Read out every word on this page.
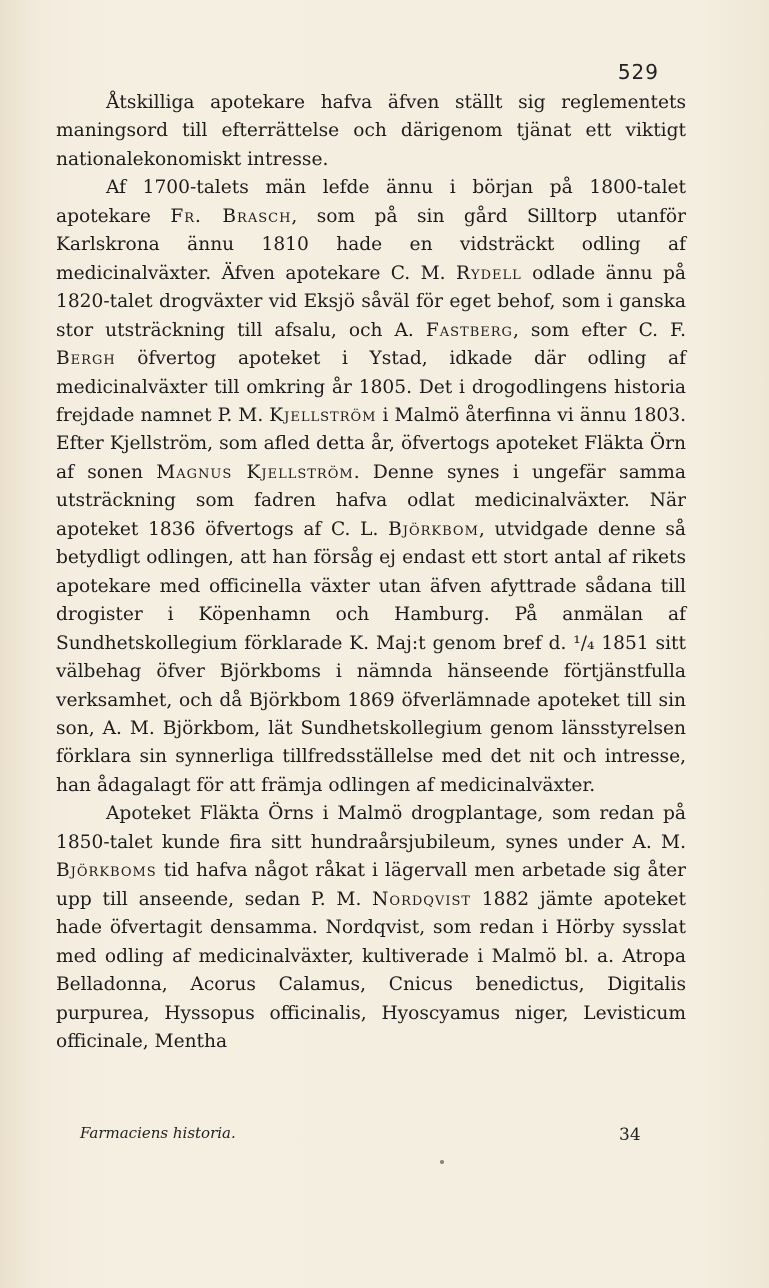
529

Åtskilliga apotekare hafva äfven ställt sig reglementets maningsord till efterrättelse och därigenom tjänat ett viktigt nationalekonomiskt intresse.

Af 1700-talets män lefde ännu i början på 1800-talet apotekare Fr. Brasch, som på sin gård Silltorp utanför Karlskrona ännu 1810 hade en vidsträckt odling af medicinalväxter. Äfven apotekare C. M. Rydell odlade ännu på 1820-talet drogväxter vid Eksjö såväl för eget behof, som i ganska stor utsträckning till afsalu, och A. Fastberg, som efter C. F. Bergh öfvertog apoteket i Ystad, idkade där odling af medicinalväxter till omkring år 1805. Det i drogodlingens historia frejdade namnet P. M. Kjellström i Malmö återfinna vi ännu 1803. Efter Kjellström, som afled detta år, öfvertogs apoteket Fläkta Örn af sonen Magnus Kjellström. Denne synes i ungefär samma utsträckning som fadren hafva odlat medicinalväxter. När apoteket 1836 öfvertogs af C. L. Björkbom, utvidgade denne så betydligt odlingen, att han försåg ej endast ett stort antal af rikets apotekare med officinella växter utan äfven afyttrade sådana till drogister i Köpenhamn och Hamburg. På anmälan af Sundhetskollegium förklarade K. Maj:t genom bref d. ¹/₄ 1851 sitt välbehag öfver Björkboms i nämnda hänseende förtjänstfulla verksamhet, och då Björkbom 1869 öfverlämnade apoteket till sin son, A. M. Björkbom, lät Sundhetskollegium genom länsstyrelsen förklara sin synnerliga tillfredsställelse med det nit och intresse, han ådagalagt för att främja odlingen af medicinalväxter.

Apoteket Fläkta Örns i Malmö drogplantage, som redan på 1850-talet kunde fira sitt hundraårsjubileum, synes under A. M. Björkboms tid hafva något råkat i lägervall men arbetade sig åter upp till anseende, sedan P. M. Nordqvist 1882 jämte apoteket hade öfvertagit densamma. Nordqvist, som redan i Hörby sysslat med odling af medicinalväxter, kultiverade i Malmö bl. a. Atropa Belladonna, Acorus Calamus, Cnicus benedictus, Digitalis purpurea, Hyssopus officinalis, Hyoscyamus niger, Levisticum officinale, Mentha

Farmaciens historia.	34
